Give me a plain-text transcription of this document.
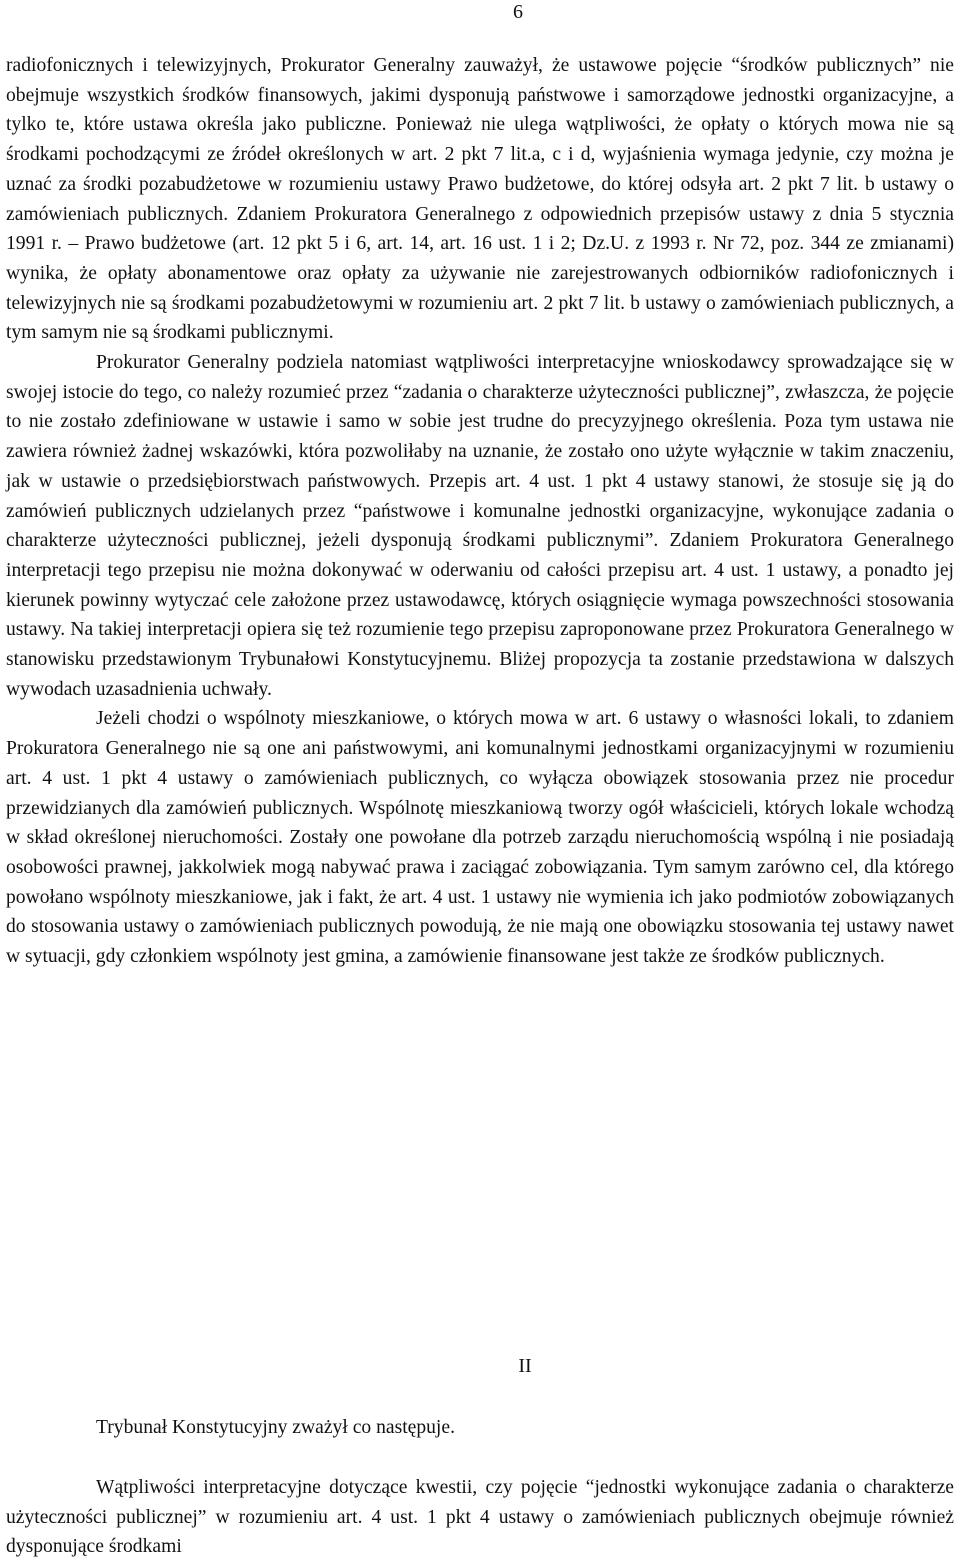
6

radiofonicznych i telewizyjnych, Prokurator Generalny zauważył, że ustawowe pojęcie “środków publicznych” nie obejmuje wszystkich środków finansowych, jakimi dysponują państwowe i samorządowe jednostki organizacyjne, a tylko te, które ustawa określa jako publiczne. Ponieważ nie ulega wątpliwości, że opłaty o których mowa nie są środkami pochodzącymi ze źródeł określonych w art. 2 pkt 7 lit.a, c i d, wyjaśnienia wymaga jedynie, czy można je uznać za środki pozabudżetowe w rozumieniu ustawy Prawo budżetowe, do której odsyła art. 2 pkt 7 lit. b ustawy o zamówieniach publicznych. Zdaniem Prokuratora Generalnego z odpowiednich przepisów ustawy z dnia 5 stycznia 1991 r. – Prawo budżetowe (art. 12 pkt 5 i 6, art. 14, art. 16 ust. 1 i 2; Dz.U. z 1993 r. Nr 72, poz. 344 ze zmianami) wynika, że opłaty abonamentowe oraz opłaty za używanie nie zarejestrowanych odbiorników radiofonicznych i telewizyjnych nie są środkami pozabudżetowymi w rozumieniu art. 2 pkt 7 lit. b ustawy o zamówieniach publicznych, a tym samym nie są środkami publicznymi.

Prokurator Generalny podziela natomiast wątpliwości interpretacyjne wnioskodawcy sprowadzające się w swojej istocie do tego, co należy rozumieć przez “zadania o charakterze użyteczności publicznej”, zwłaszcza, że pojęcie to nie zostało zdefiniowane w ustawie i samo w sobie jest trudne do precyzyjnego określenia. Poza tym ustawa nie zawiera również żadnej wskazówki, która pozwoliłaby na uznanie, że zostało ono użyte wyłącznie w takim znaczeniu, jak w ustawie o przedsiębiorstwach państwowych. Przepis art. 4 ust. 1 pkt 4 ustawy stanowi, że stosuje się ją do zamówień publicznych udzielanych przez “państwowe i komunalne jednostki organizacyjne, wykonujące zadania o charakterze użyteczności publicznej, jeżeli dysponują środkami publicznymi”. Zdaniem Prokuratora Generalnego interpretacji tego przepisu nie można dokonywać w oderwaniu od całości przepisu art. 4 ust. 1 ustawy, a ponadto jej kierunek powinny wytyczać cele założone przez ustawodawcę, których osiągnięcie wymaga powszechności stosowania ustawy. Na takiej interpretacji opiera się też rozumienie tego przepisu zaproponowane przez Prokuratora Generalnego w stanowisku przedstawionym Trybunałowi Konstytucyjnemu. Bliżej propozycja ta zostanie przedstawiona w dalszych wywodach uzasadnienia uchwały.

Jeżeli chodzi o wspólnoty mieszkaniowe, o których mowa w art. 6 ustawy o własności lokali, to zdaniem Prokuratora Generalnego nie są one ani państwowymi, ani komunalnymi jednostkami organizacyjnymi w rozumieniu art. 4 ust. 1 pkt 4 ustawy o zamówieniach publicznych, co wyłącza obowiązek stosowania przez nie procedur przewidzianych dla zamówień publicznych. Wspólnotę mieszkaniową tworzy ogół właścicieli, których lokale wchodzą w skład określonej nieruchomości. Zostały one powołane dla potrzeb zarządu nieruchomością wspólną i nie posiadają osobowości prawnej, jakkolwiek mogą nabywać prawa i zaciągać zobowiązania. Tym samym zarówno cel, dla którego powołano wspólnoty mieszkaniowe, jak i fakt, że art. 4 ust. 1 ustawy nie wymienia ich jako podmiotów zobowiązanych do stosowania ustawy o zamówieniach publicznych powodują, że nie mają one obowiązku stosowania tej ustawy nawet w sytuacji, gdy członkiem wspólnoty jest gmina, a zamówienie finansowane jest także ze środków publicznych.

II
Trybunał Konstytucyjny zważył co następuje.

Wątpliwości interpretacyjne dotyczące kwestii, czy pojęcie “jednostki wykonujące zadania o charakterze użyteczności publicznej” w rozumieniu art. 4 ust. 1 pkt 4 ustawy o zamówieniach publicznych obejmuje również dysponujące środkami
